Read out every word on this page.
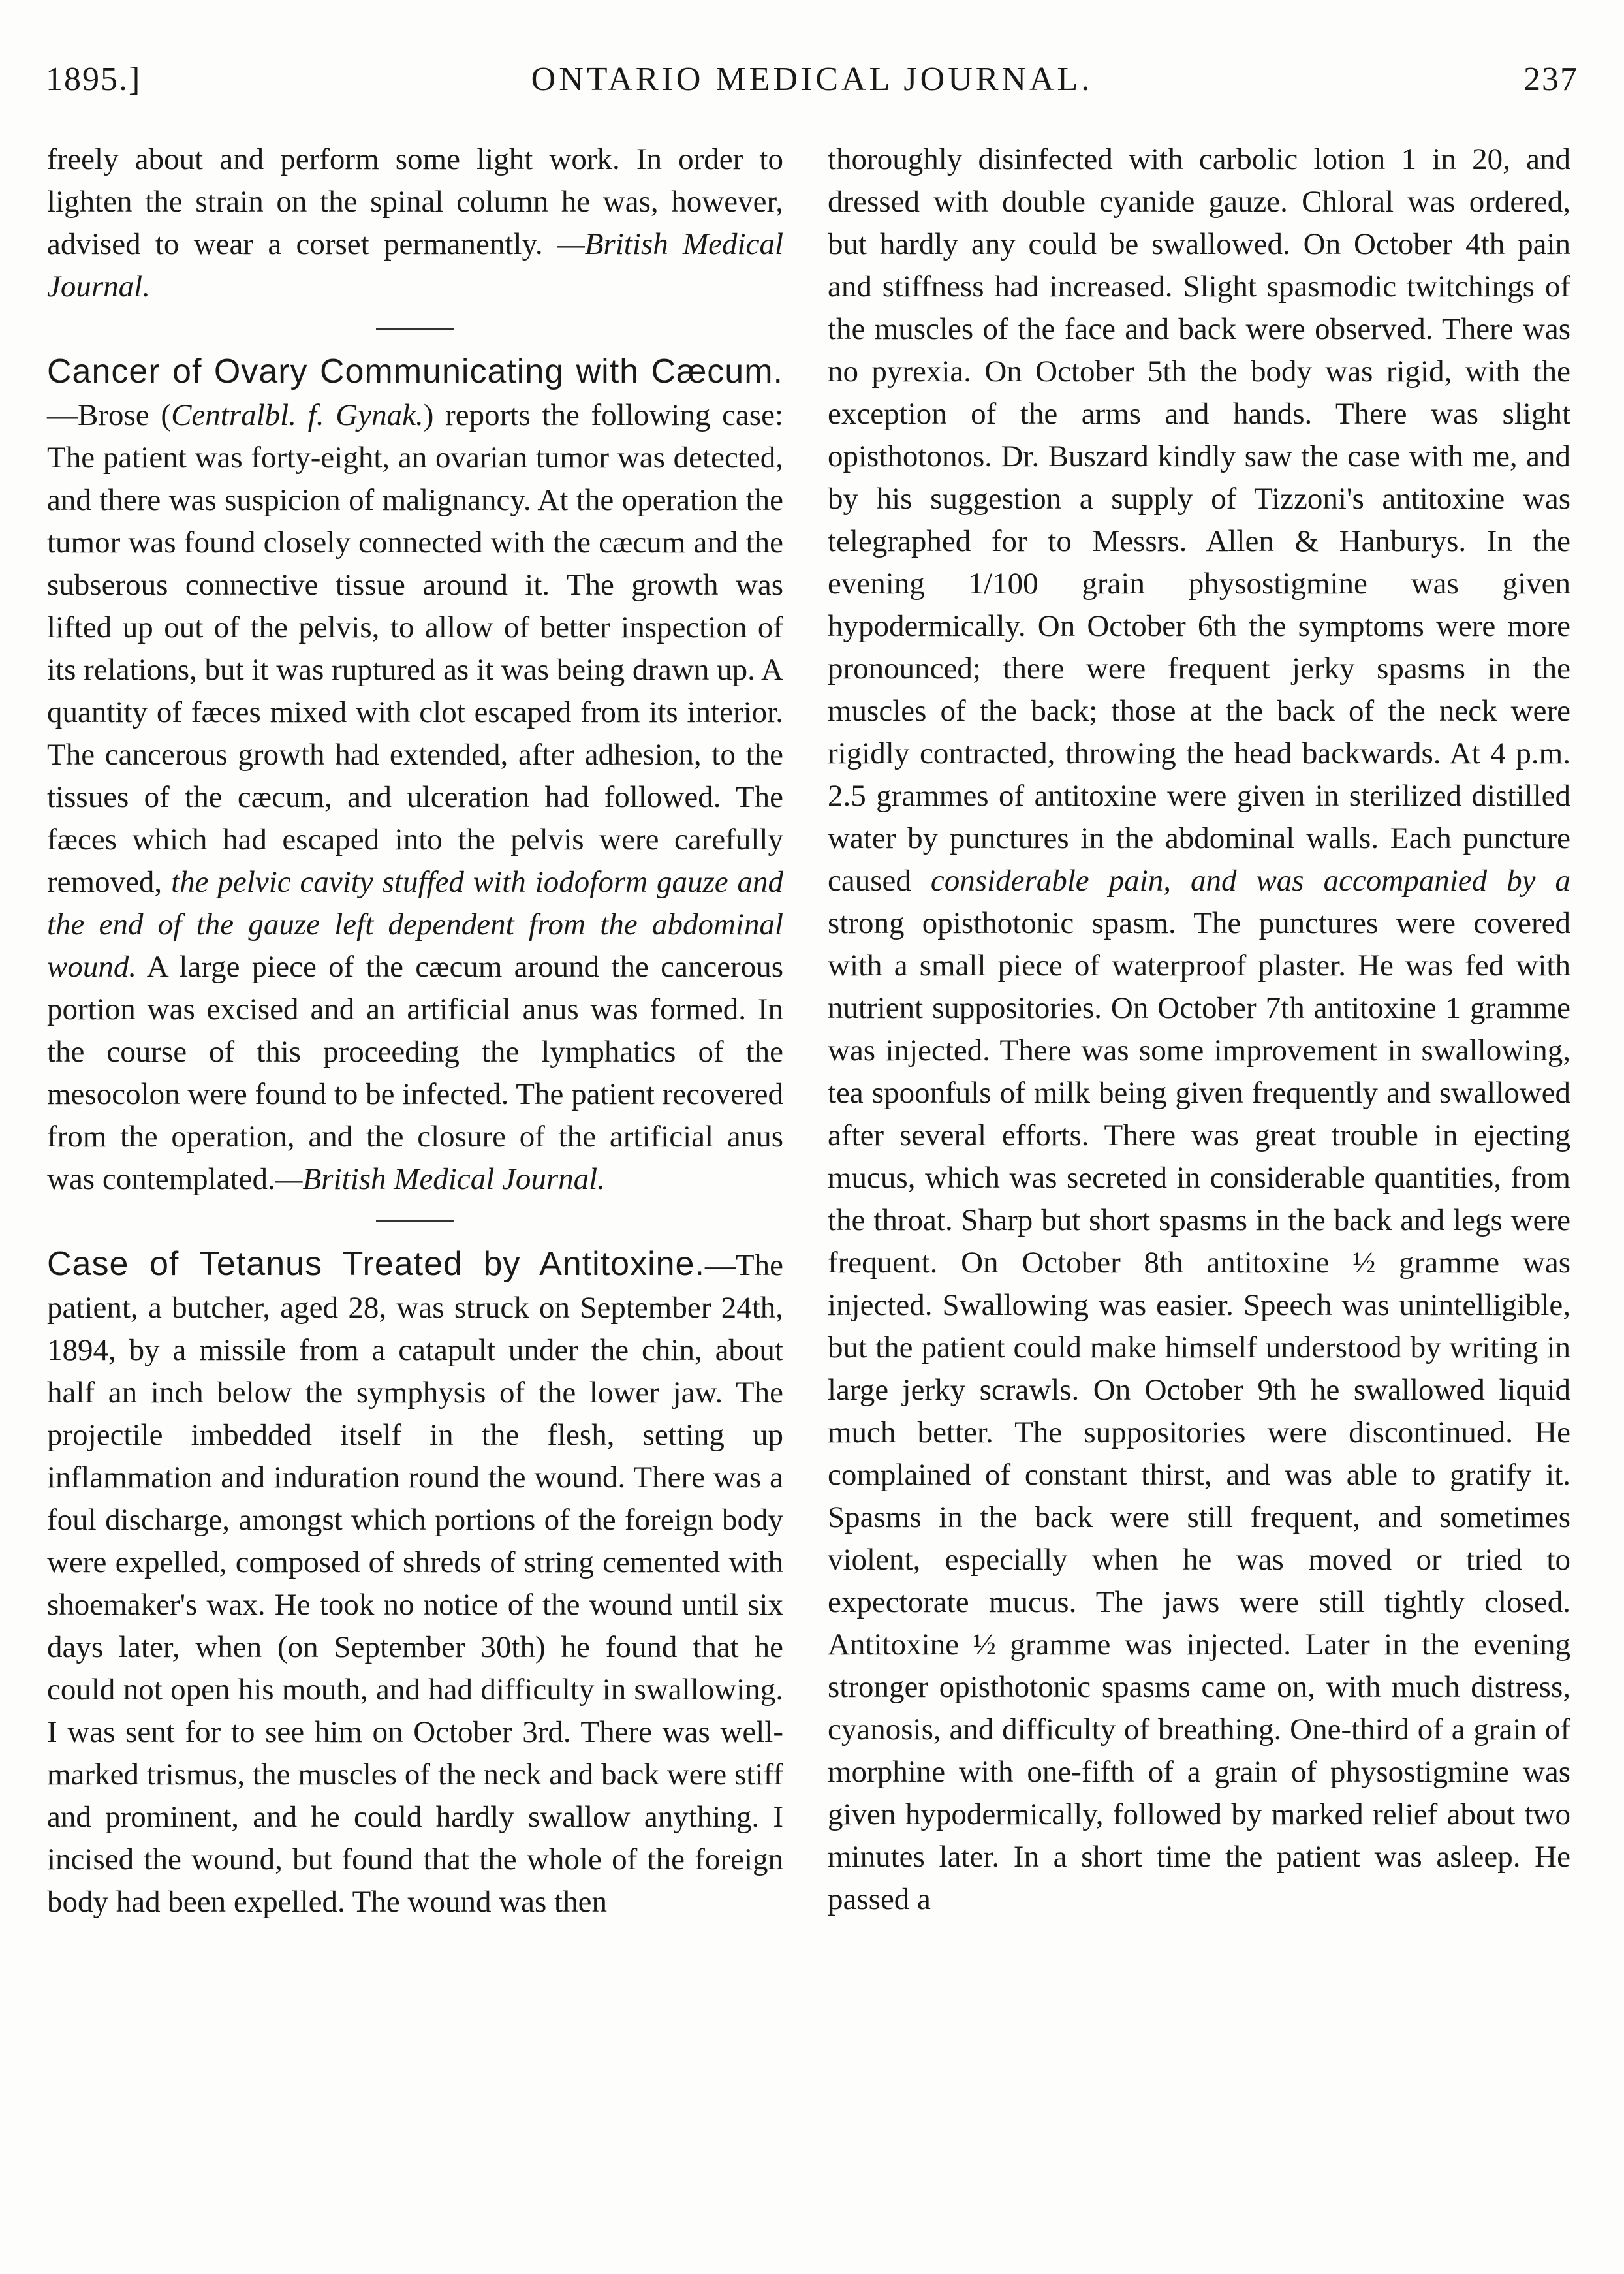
1895.]	ONTARIO MEDICAL JOURNAL.	237

freely about and perform some light work. In order to lighten the strain on the spinal column he was, however, advised to wear a corset permanently. —British Medical Journal.

Cancer of Ovary Communicating with Cæcum.—Brose (Centralbl. f. Gynak.) reports the following case: The patient was forty-eight, an ovarian tumor was detected, and there was suspicion of malignancy. At the operation the tumor was found closely connected with the cæcum and the subserous connective tissue around it. The growth was lifted up out of the pelvis, to allow of better inspection of its relations, but it was ruptured as it was being drawn up. A quantity of fæces mixed with clot escaped from its interior. The cancerous growth had extended, after adhesion, to the tissues of the cæcum, and ulceration had followed. The fæces which had escaped into the pelvis were carefully removed, the pelvic cavity stuffed with iodoform gauze and the end of the gauze left dependent from the abdominal wound. A large piece of the cæcum around the cancerous portion was excised and an artificial anus was formed. In the course of this proceeding the lymphatics of the mesocolon were found to be infected. The patient recovered from the operation, and the closure of the artificial anus was contemplated.—British Medical Journal.

Case of Tetanus Treated by Antitoxine.—The patient, a butcher, aged 28, was struck on September 24th, 1894, by a missile from a catapult under the chin, about half an inch below the symphysis of the lower jaw. The projectile imbedded itself in the flesh, setting up inflammation and induration round the wound. There was a foul discharge, amongst which portions of the foreign body were expelled, composed of shreds of string cemented with shoemaker's wax. He took no notice of the wound until six days later, when (on September 30th) he found that he could not open his mouth, and had difficulty in swallowing. I was sent for to see him on October 3rd. There was well-marked trismus, the muscles of the neck and back were stiff and prominent, and he could hardly swallow anything. I incised the wound, but found that the whole of the foreign body had been expelled. The wound was then

thoroughly disinfected with carbolic lotion 1 in 20, and dressed with double cyanide gauze. Chloral was ordered, but hardly any could be swallowed. On October 4th pain and stiffness had increased. Slight spasmodic twitchings of the muscles of the face and back were observed. There was no pyrexia. On October 5th the body was rigid, with the exception of the arms and hands. There was slight opisthotonos. Dr. Buszard kindly saw the case with me, and by his suggestion a supply of Tizzoni's antitoxine was telegraphed for to Messrs. Allen & Hanburys. In the evening 1/100 grain physostigmine was given hypodermically. On October 6th the symptoms were more pronounced; there were frequent jerky spasms in the muscles of the back; those at the back of the neck were rigidly contracted, throwing the head backwards. At 4 p.m. 2.5 grammes of antitoxine were given in sterilized distilled water by punctures in the abdominal walls. Each puncture caused considerable pain, and was accompanied by a strong opisthotonic spasm. The punctures were covered with a small piece of waterproof plaster. He was fed with nutrient suppositories. On October 7th antitoxine 1 gramme was injected. There was some improvement in swallowing, tea spoonfuls of milk being given frequently and swallowed after several efforts. There was great trouble in ejecting mucus, which was secreted in considerable quantities, from the throat. Sharp but short spasms in the back and legs were frequent. On October 8th antitoxine ½ gramme was injected. Swallowing was easier. Speech was unintelligible, but the patient could make himself understood by writing in large jerky scrawls. On October 9th he swallowed liquid much better. The suppositories were discontinued. He complained of constant thirst, and was able to gratify it. Spasms in the back were still frequent, and sometimes violent, especially when he was moved or tried to expectorate mucus. The jaws were still tightly closed. Antitoxine ½ gramme was injected. Later in the evening stronger opisthotonic spasms came on, with much distress, cyanosis, and difficulty of breathing. One-third of a grain of morphine with one-fifth of a grain of physostigmine was given hypodermically, followed by marked relief about two minutes later. In a short time the patient was asleep. He passed a
